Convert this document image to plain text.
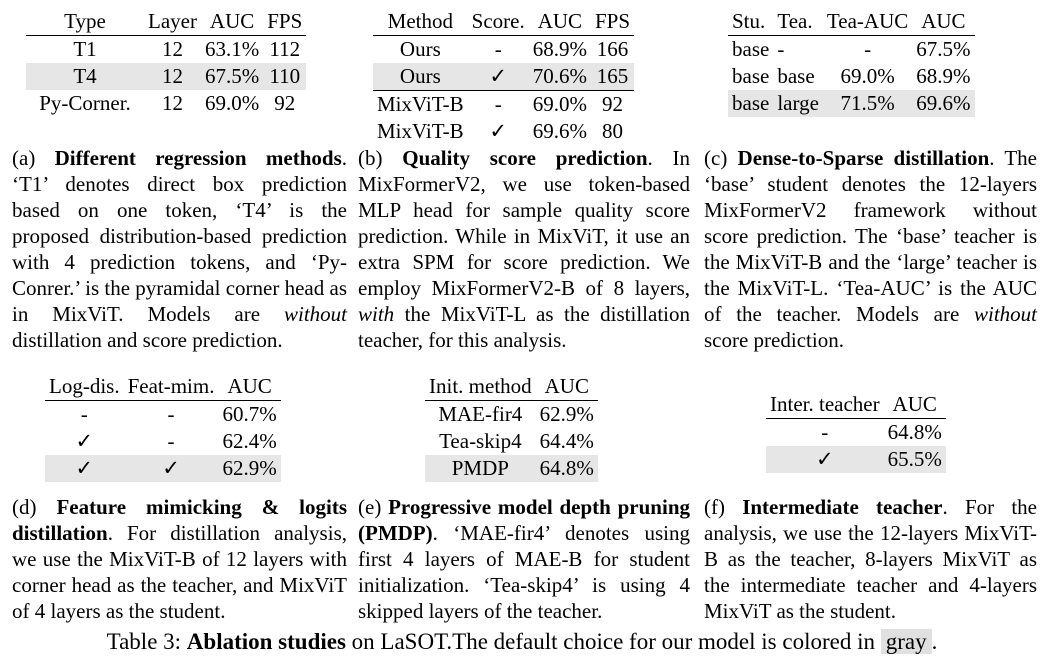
Type	Layer	AUC	FPS
T1	12	63.1%	112
T4	12	67.5%	110
Py-Corner.	12	69.0%	92
Method	Score.	AUC	FPS
Ours	-	68.9%	166
Ours	✓	70.6%	165
MixViT-B	-	69.0%	92
MixViT-B	✓	69.6%	80
Stu.	Tea.	Tea-AUC	AUC
base	-	-	67.5%
base	base	69.0%	68.9%
base	large	71.5%	69.6%
(a) Different regression methods. ‘T1’ denotes direct box prediction based on one token, ‘T4’ is the proposed distribution-based prediction with 4 prediction tokens, and ‘Py-Conrer.’ is the pyramidal corner head as in MixViT. Models are without distillation and score prediction.
(b) Quality score prediction. In MixFormerV2, we use token-based MLP head for sample quality score prediction. While in MixViT, it use an extra SPM for score prediction. We employ MixFormerV2-B of 8 layers, with the MixViT-L as the distillation teacher, for this analysis.
(c) Dense-to-Sparse distillation. The ‘base’ student denotes the 12-layers MixFormerV2 framework without score prediction. The ‘base’ teacher is the MixViT-B and the ‘large’ teacher is the MixViT-L. ‘Tea-AUC’ is the AUC of the teacher. Models are without score prediction.
Log-dis.	Feat-mim.	AUC
-	-	60.7%
✓	-	62.4%
✓	✓	62.9%
Init. method	AUC
MAE-fir4	62.9%
Tea-skip4	64.4%
PMDP	64.8%
Inter. teacher	AUC
-	64.8%
✓	65.5%
(d) Feature mimicking & logits distillation. For distillation analysis, we use the MixViT-B of 12 layers with corner head as the teacher, and MixViT of 4 layers as the student.
(e) Progressive model depth pruning (PMDP). ‘MAE-fir4’ denotes using first 4 layers of MAE-B for student initialization. ‘Tea-skip4’ is using 4 skipped layers of the teacher.
(f) Intermediate teacher. For the analysis, we use the 12-layers MixViT-B as the teacher, 8-layers MixViT as the intermediate teacher and 4-layers MixViT as the student.
Table 3: Ablation studies on LaSOT.The default choice for our model is colored in gray .
